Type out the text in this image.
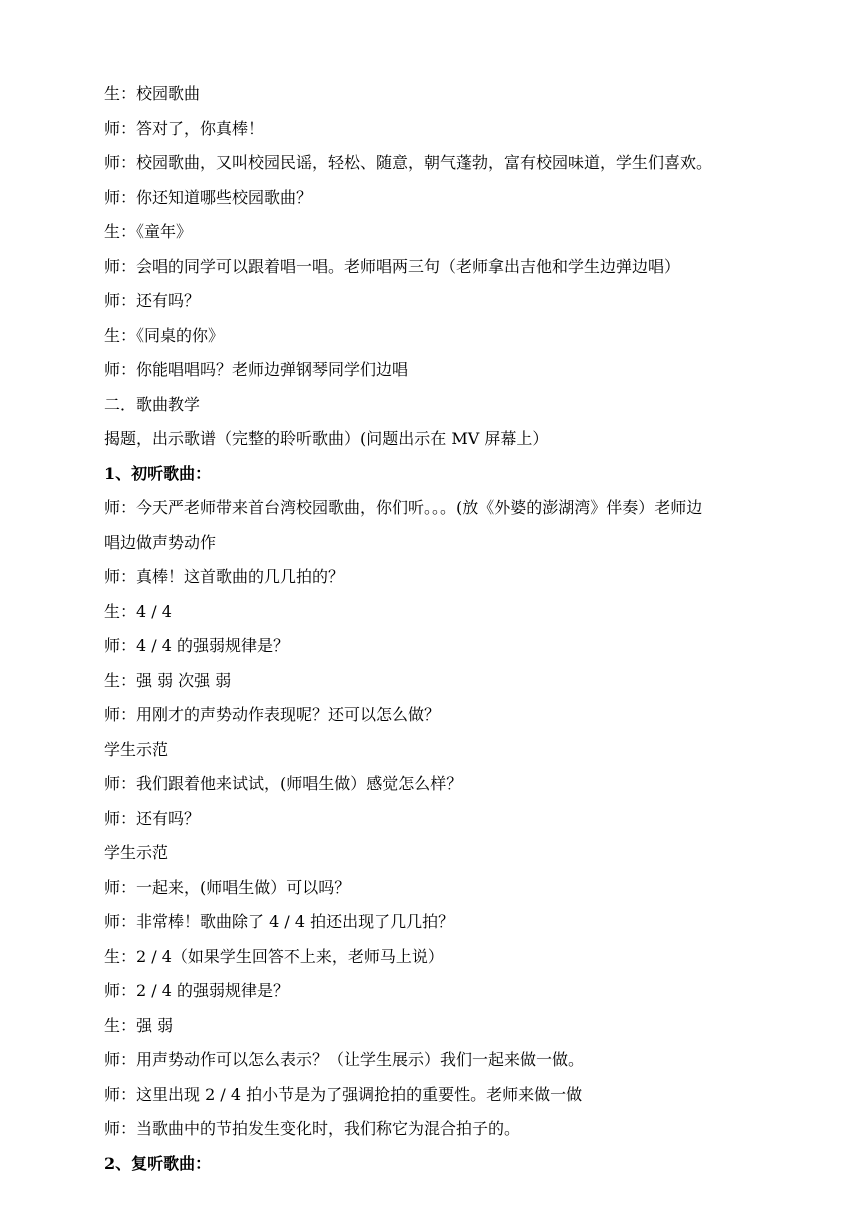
生：校园歌曲
师：答对了，你真棒！
师：校园歌曲，又叫校园民谣，轻松、随意，朝气蓬勃，富有校园味道，学生们喜欢。
师：你还知道哪些校园歌曲？
生：《童年》
师：会唱的同学可以跟着唱一唱。老师唱两三句（老师拿出吉他和学生边弹边唱）
师：还有吗？
生：《同桌的你》
师：你能唱唱吗？老师边弹钢琴同学们边唱
二．歌曲教学
揭题，出示歌谱（完整的聆听歌曲）(问题出示在 MV 屏幕上）
1、初听歌曲：
师：今天严老师带来首台湾校园歌曲，你们听。。。(放《外婆的澎湖湾》伴奏）老师边
唱边做声势动作
师：真棒！这首歌曲的几几拍的？
生：4 / 4
师：4 / 4 的强弱规律是？
生：强 弱 次强 弱
师：用刚才的声势动作表现呢？还可以怎么做？
学生示范
师：我们跟着他来试试，(师唱生做）感觉怎么样？
师：还有吗？
学生示范
师：一起来，(师唱生做）可以吗？
师：非常棒！歌曲除了 4 / 4 拍还出现了几几拍？
生：2 / 4（如果学生回答不上来，老师马上说）
师：2 / 4 的强弱规律是？
生：强 弱
师：用声势动作可以怎么表示？（让学生展示）我们一起来做一做。
师：这里出现 2 / 4 拍小节是为了强调抢拍的重要性。老师来做一做
师：当歌曲中的节拍发生变化时，我们称它为混合拍子的。
2、复听歌曲：
